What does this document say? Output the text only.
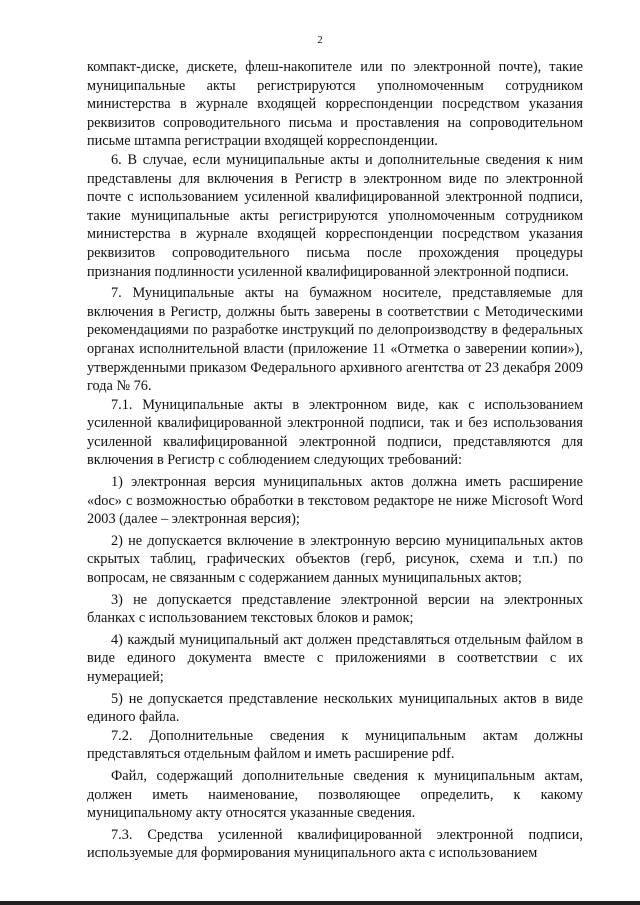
2

компакт-диске, дискете, флеш-накопителе или по электронной почте), такие муниципальные акты регистрируются уполномоченным сотрудником министерства в журнале входящей корреспонденции посредством указания реквизитов сопроводительного письма и проставления на сопроводительном письме штампа регистрации входящей корреспонденции.

6. В случае, если муниципальные акты и дополнительные сведения к ним представлены для включения в Регистр в электронном виде по электронной почте с использованием усиленной квалифицированной электронной подписи, такие муниципальные акты регистрируются уполномоченным сотрудником министерства в журнале входящей корреспонденции посредством указания реквизитов сопроводительного письма после прохождения процедуры признания подлинности усиленной квалифицированной электронной подписи.

7. Муниципальные акты на бумажном носителе, представляемые для включения в Регистр, должны быть заверены в соответствии с Методическими рекомендациями по разработке инструкций по делопроизводству в федеральных органах исполнительной власти (приложение 11 «Отметка о заверении копии»), утвержденными приказом Федерального архивного агентства от 23 декабря 2009 года № 76.

7.1. Муниципальные акты в электронном виде, как с использованием усиленной квалифицированной электронной подписи, так и без использования усиленной квалифицированной электронной подписи, представляются для включения в Регистр с соблюдением следующих требований:

1) электронная версия муниципальных актов должна иметь расширение «doc» с возможностью обработки в текстовом редакторе не ниже Microsoft Word 2003 (далее – электронная версия);

2) не допускается включение в электронную версию муниципальных актов скрытых таблиц, графических объектов (герб, рисунок, схема и т.п.) по вопросам, не связанным с содержанием данных муниципальных актов;

3) не допускается представление электронной версии на электронных бланках с использованием текстовых блоков и рамок;

4) каждый муниципальный акт должен представляться отдельным файлом в виде единого документа вместе с приложениями в соответствии с их нумерацией;

5) не допускается представление нескольких муниципальных актов в виде единого файла.

7.2. Дополнительные сведения к муниципальным актам должны представляться отдельным файлом и иметь расширение pdf.

Файл, содержащий дополнительные сведения к муниципальным актам, должен иметь наименование, позволяющее определить, к какому муниципальному акту относятся указанные сведения.

7.3. Средства усиленной квалифицированной электронной подписи, используемые для формирования муниципального акта с использованием
